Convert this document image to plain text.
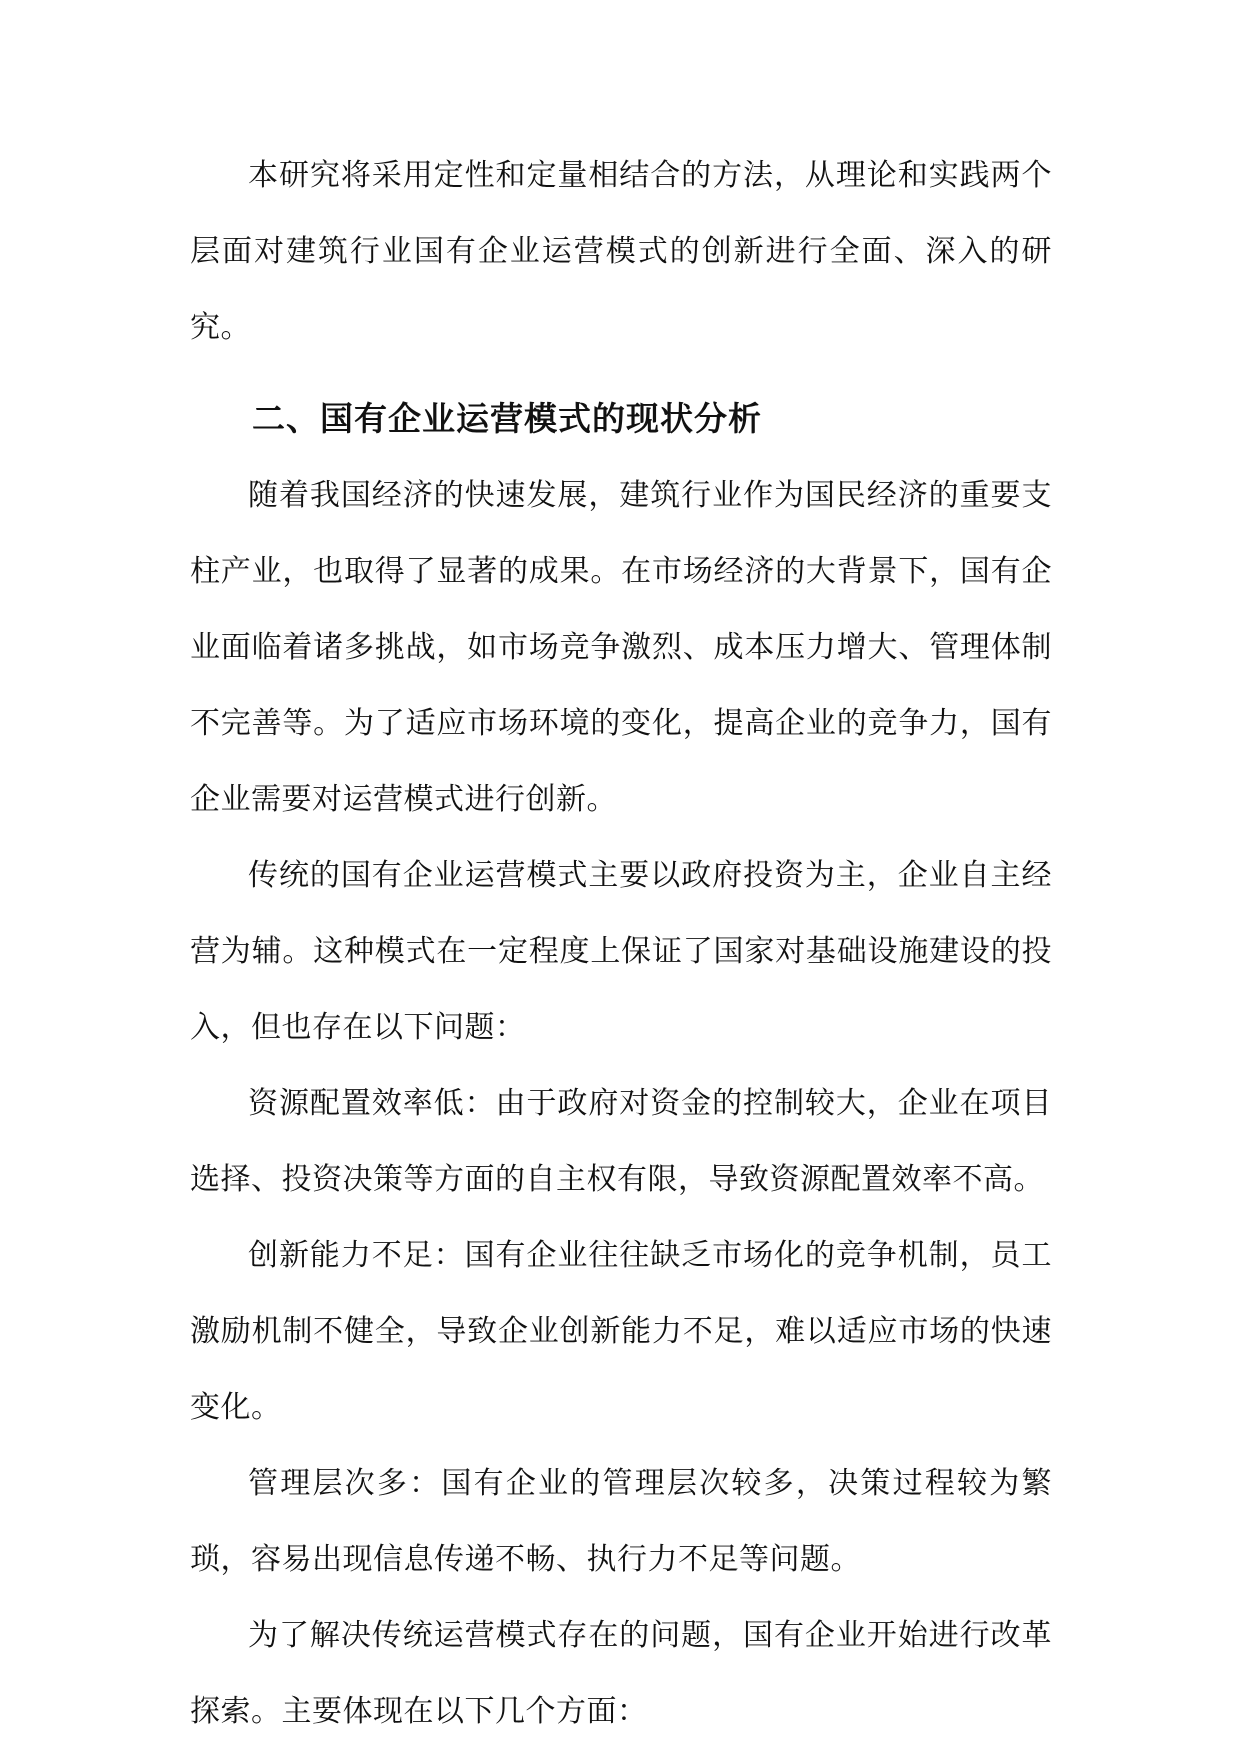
本研究将采用定性和定量相结合的方法，从理论和实践两个层面对建筑行业国有企业运营模式的创新进行全面、深入的研究。

二、国有企业运营模式的现状分析

随着我国经济的快速发展，建筑行业作为国民经济的重要支柱产业，也取得了显著的成果。在市场经济的大背景下，国有企业面临着诸多挑战，如市场竞争激烈、成本压力增大、管理体制不完善等。为了适应市场环境的变化，提高企业的竞争力，国有企业需要对运营模式进行创新。

传统的国有企业运营模式主要以政府投资为主，企业自主经营为辅。这种模式在一定程度上保证了国家对基础设施建设的投入，但也存在以下问题：

资源配置效率低：由于政府对资金的控制较大，企业在项目选择、投资决策等方面的自主权有限，导致资源配置效率不高。

创新能力不足：国有企业往往缺乏市场化的竞争机制，员工激励机制不健全，导致企业创新能力不足，难以适应市场的快速变化。

管理层次多：国有企业的管理层次较多，决策过程较为繁琐，容易出现信息传递不畅、执行力不足等问题。

为了解决传统运营模式存在的问题，国有企业开始进行改革探索。主要体现在以下几个方面：
